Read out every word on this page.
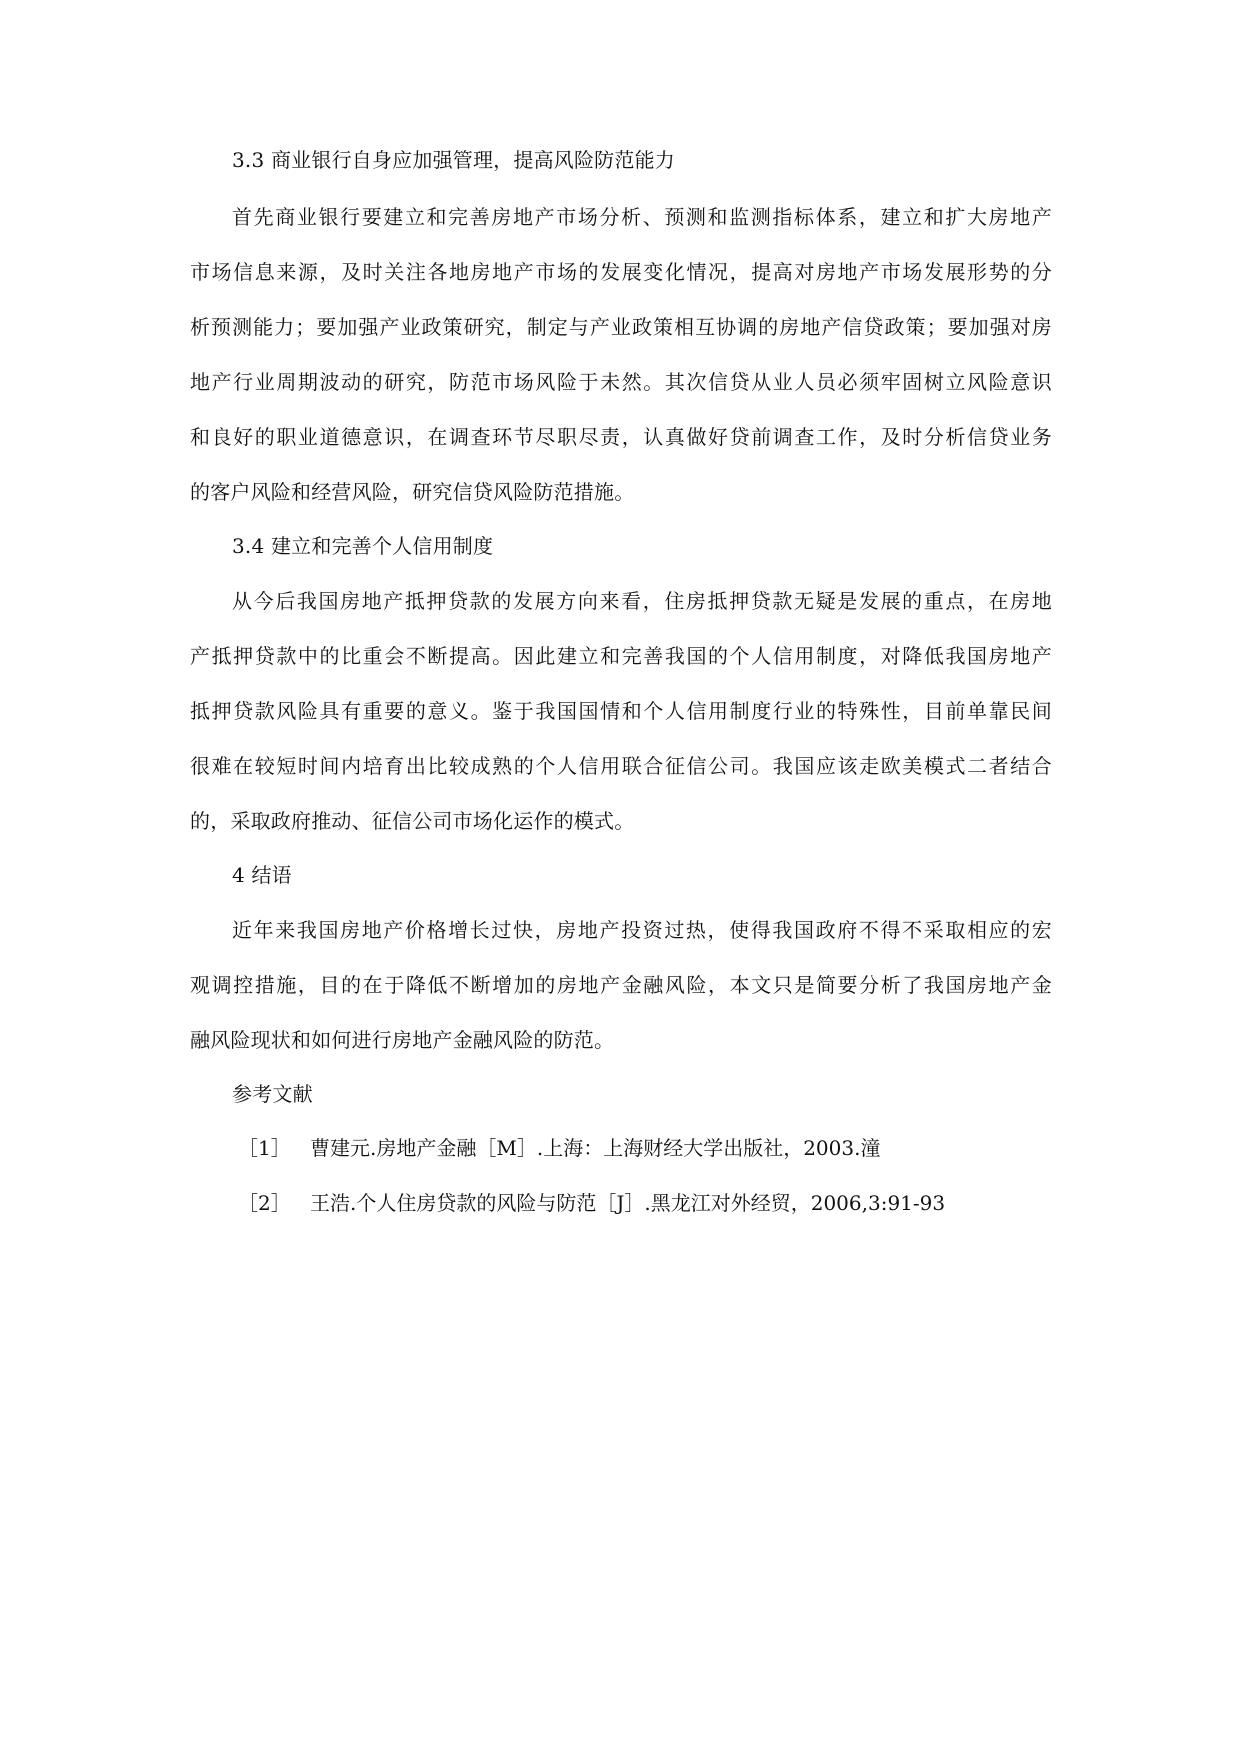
3.3 商业银行自身应加强管理，提高风险防范能力
首先商业银行要建立和完善房地产市场分析、预测和监测指标体系，建立和扩大房地产
市场信息来源，及时关注各地房地产市场的发展变化情况，提高对房地产市场发展形势的分
析预测能力；要加强产业政策研究，制定与产业政策相互协调的房地产信贷政策；要加强对房
地产行业周期波动的研究，防范市场风险于未然。其次信贷从业人员必须牢固树立风险意识
和良好的职业道德意识，在调查环节尽职尽责，认真做好贷前调查工作，及时分析信贷业务
的客户风险和经营风险，研究信贷风险防范措施。
3.4 建立和完善个人信用制度
从今后我国房地产抵押贷款的发展方向来看，住房抵押贷款无疑是发展的重点，在房地
产抵押贷款中的比重会不断提高。因此建立和完善我国的个人信用制度，对降低我国房地产
抵押贷款风险具有重要的意义。鉴于我国国情和个人信用制度行业的特殊性，目前单靠民间
很难在较短时间内培育出比较成熟的个人信用联合征信公司。我国应该走欧美模式二者结合
的，采取政府推动、征信公司市场化运作的模式。
4 结语
近年来我国房地产价格增长过快，房地产投资过热，使得我国政府不得不采取相应的宏
观调控措施，目的在于降低不断增加的房地产金融风险，本文只是简要分析了我国房地产金
融风险现状和如何进行房地产金融风险的防范。
参考文献
［1］ 曹建元.房地产金融［M］.上海：上海财经大学出版社，2003.潼
［2］ 王浩.个人住房贷款的风险与防范［J］.黑龙江对外经贸，2006,3:91-93
